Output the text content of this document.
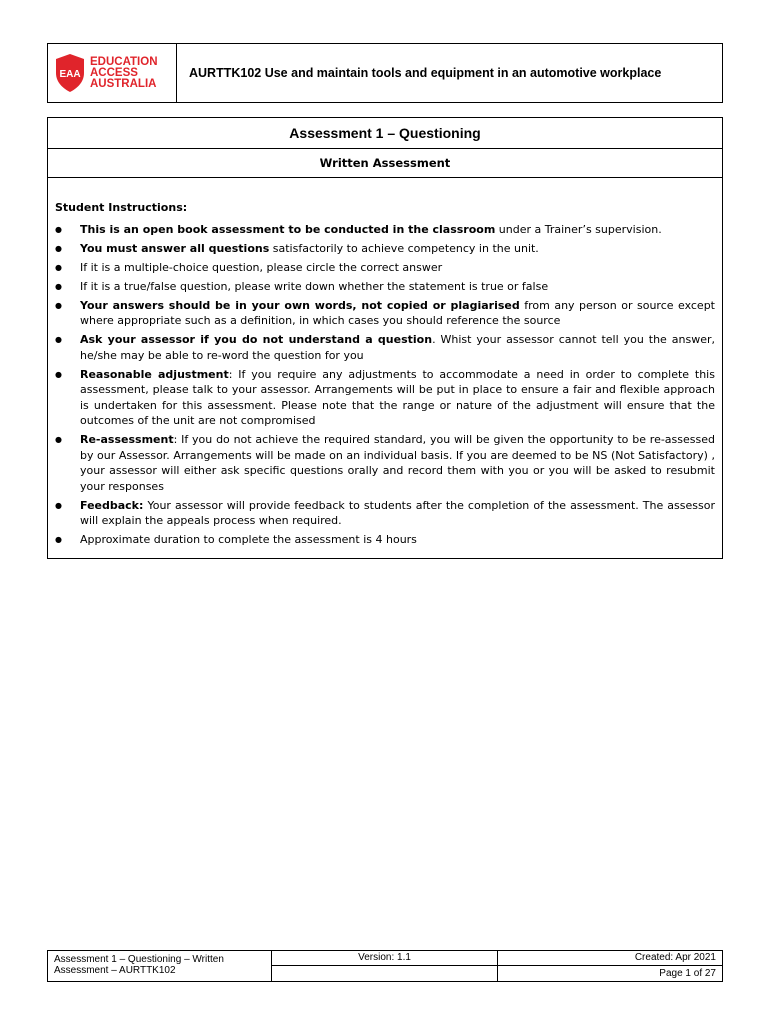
EAA
EDUCATION
ACCESS
AUSTRALIA
AURTTK102 Use and maintain tools and equipment in an automotive workplace
Assessment 1 – Questioning
Written Assessment
Student Instructions:
● This is an open book assessment to be conducted in the classroom under a Trainer’s supervision.
● You must answer all questions satisfactorily to achieve competency in the unit.
● If it is a multiple-choice question, please circle the correct answer
● If it is a true/false question, please write down whether the statement is true or false
● Your answers should be in your own words, not copied or plagiarised from any person or source except where appropriate such as a definition, in which cases you should reference the source
● Ask your assessor if you do not understand a question. Whist your assessor cannot tell you the answer, he/she may be able to re-word the question for you
● Reasonable adjustment: If you require any adjustments to accommodate a need in order to complete this assessment, please talk to your assessor. Arrangements will be put in place to ensure a fair and flexible approach is undertaken for this assessment. Please note that the range or nature of the adjustment will ensure that the outcomes of the unit are not compromised
● Re-assessment: If you do not achieve the required standard, you will be given the opportunity to be re-assessed by our Assessor. Arrangements will be made on an individual basis. If you are deemed to be NS (Not Satisfactory) , your assessor will either ask specific questions orally and record them with you or you will be asked to resubmit your responses
● Feedback: Your assessor will provide feedback to students after the completion of the assessment. The assessor will explain the appeals process when required.
● Approximate duration to complete the assessment is 4 hours
Assessment 1 – Questioning – Written Assessment – AURTTK102
Version: 1.1	Created: Apr 2021
Page 1 of 27
